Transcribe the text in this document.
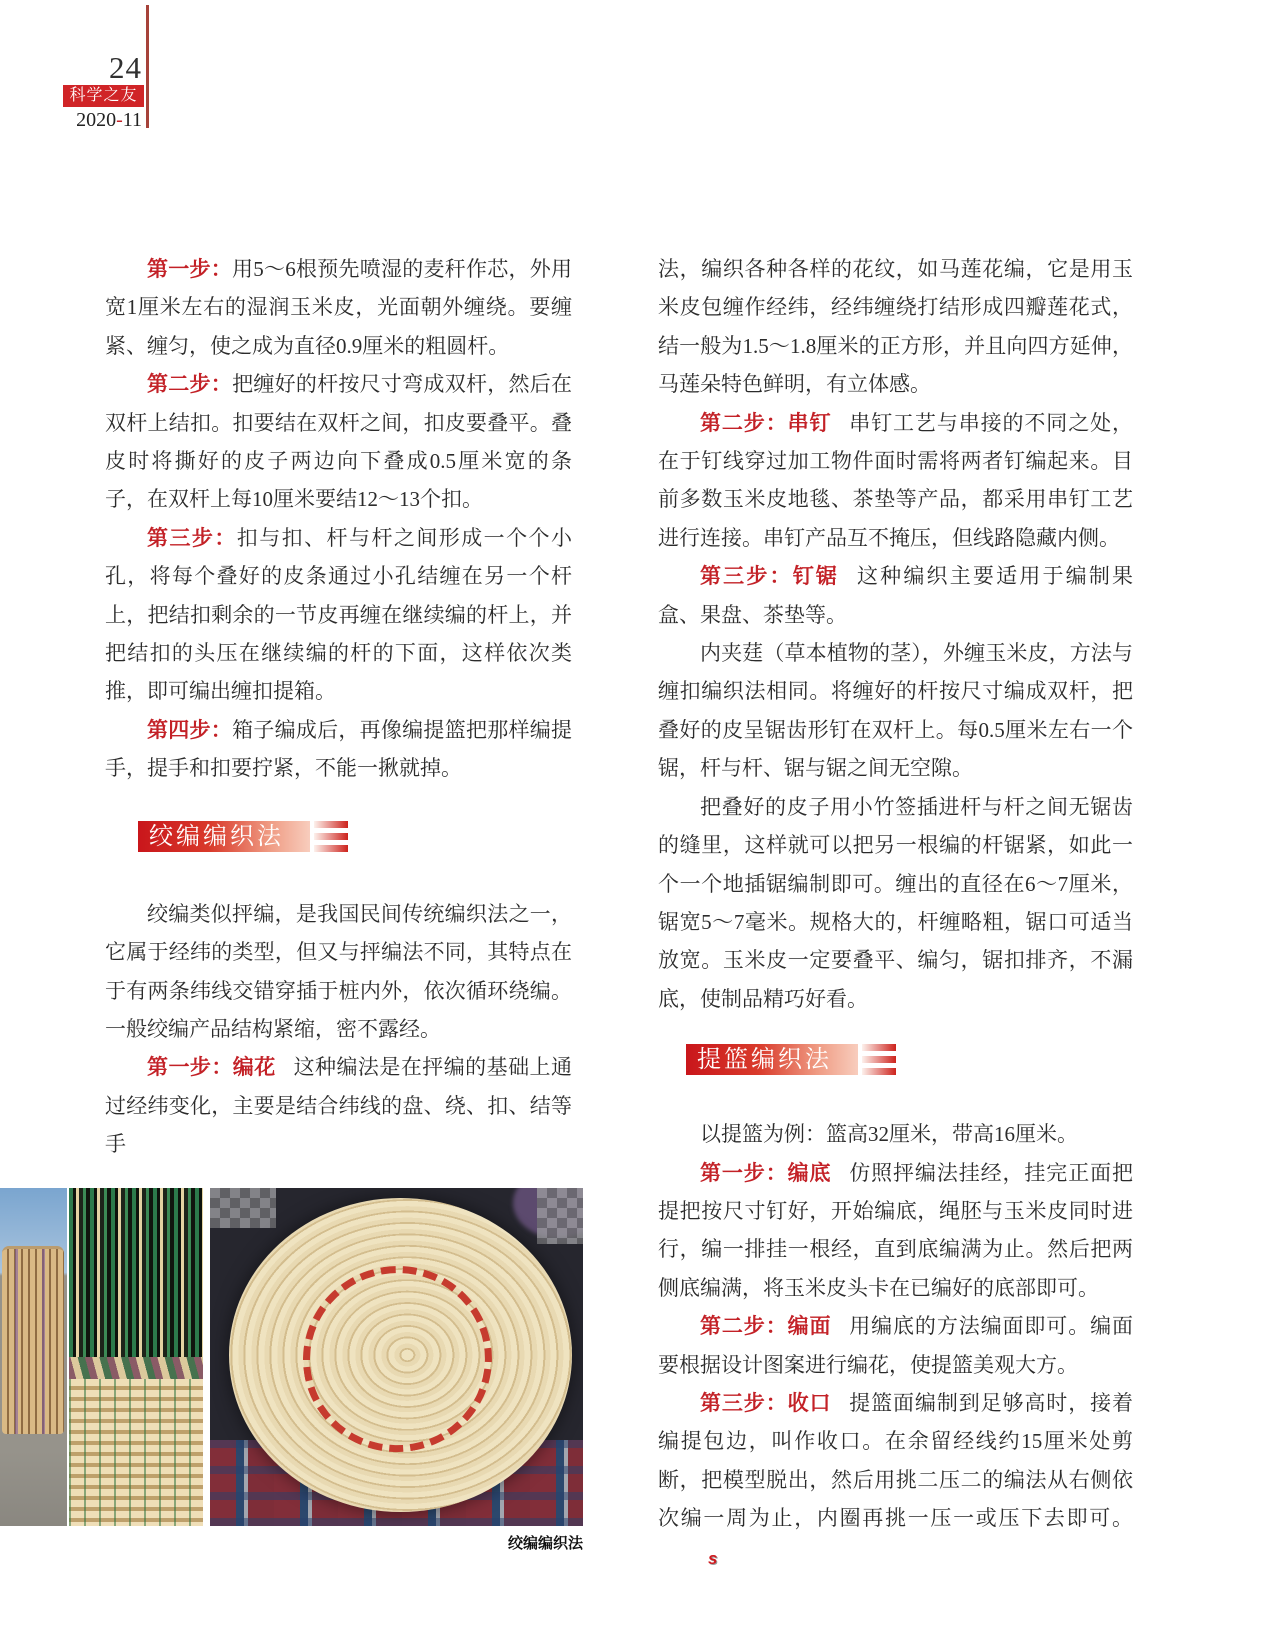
24
科学之友
2020-11

第一步：用5～6根预先喷湿的麦秆作芯，外用宽1厘米左右的湿润玉米皮，光面朝外缠绕。要缠紧、缠匀，使之成为直径0.9厘米的粗圆杆。

第二步：把缠好的杆按尺寸弯成双杆，然后在双杆上结扣。扣要结在双杆之间，扣皮要叠平。叠皮时将撕好的皮子两边向下叠成0.5厘米宽的条子，在双杆上每10厘米要结12～13个扣。

第三步：扣与扣、杆与杆之间形成一个个小孔，将每个叠好的皮条通过小孔结缠在另一个杆上，把结扣剩余的一节皮再缠在继续编的杆上，并把结扣的头压在继续编的杆的下面，这样依次类推，即可编出缠扣提箱。

第四步：箱子编成后，再像编提篮把那样编提手，提手和扣要拧紧，不能一揪就掉。

绞编编织法

绞编类似抨编，是我国民间传统编织法之一，它属于经纬的类型，但又与抨编法不同，其特点在于有两条纬线交错穿插于桩内外，依次循环绕编。一般绞编产品结构紧缩，密不露经。

第一步：编花 这种编法是在抨编的基础上通过经纬变化，主要是结合纬线的盘、绕、扣、结等手

法，编织各种各样的花纹，如马莲花编，它是用玉米皮包缠作经纬，经纬缠绕打结形成四瓣莲花式，结一般为1.5～1.8厘米的正方形，并且向四方延伸，马莲朵特色鲜明，有立体感。

第二步：串钉 串钉工艺与串接的不同之处，在于钉线穿过加工物件面时需将两者钉编起来。目前多数玉米皮地毯、茶垫等产品，都采用串钉工艺进行连接。串钉产品互不掩压，但线路隐藏内侧。

第三步：钉锯 这种编织主要适用于编制果盒、果盘、茶垫等。

内夹莛（草本植物的茎），外缠玉米皮，方法与缠扣编织法相同。将缠好的杆按尺寸编成双杆，把叠好的皮呈锯齿形钉在双杆上。每0.5厘米左右一个锯，杆与杆、锯与锯之间无空隙。

把叠好的皮子用小竹签插进杆与杆之间无锯齿的缝里，这样就可以把另一根编的杆锯紧，如此一个一个地插锯编制即可。缠出的直径在6～7厘米，锯宽5～7毫米。规格大的，杆缠略粗，锯口可适当放宽。玉米皮一定要叠平、编匀，锯扣排齐，不漏底，使制品精巧好看。

提篮编织法

以提篮为例：篮高32厘米，带高16厘米。

第一步：编底 仿照抨编法挂经，挂完正面把提把按尺寸钉好，开始编底，绳胚与玉米皮同时进行，编一排挂一根经，直到底编满为止。然后把两侧底编满，将玉米皮头卡在已编好的底部即可。

第二步：编面 用编底的方法编面即可。编面要根据设计图案进行编花，使提篮美观大方。

第三步：收口 提篮面编制到足够高时，接着编提包边，叫作收口。在余留经线约15厘米处剪断，把模型脱出，然后用挑二压二的编法从右侧依次编一周为止，内圈再挑一压一或压下去即可。s

绞编编织法
